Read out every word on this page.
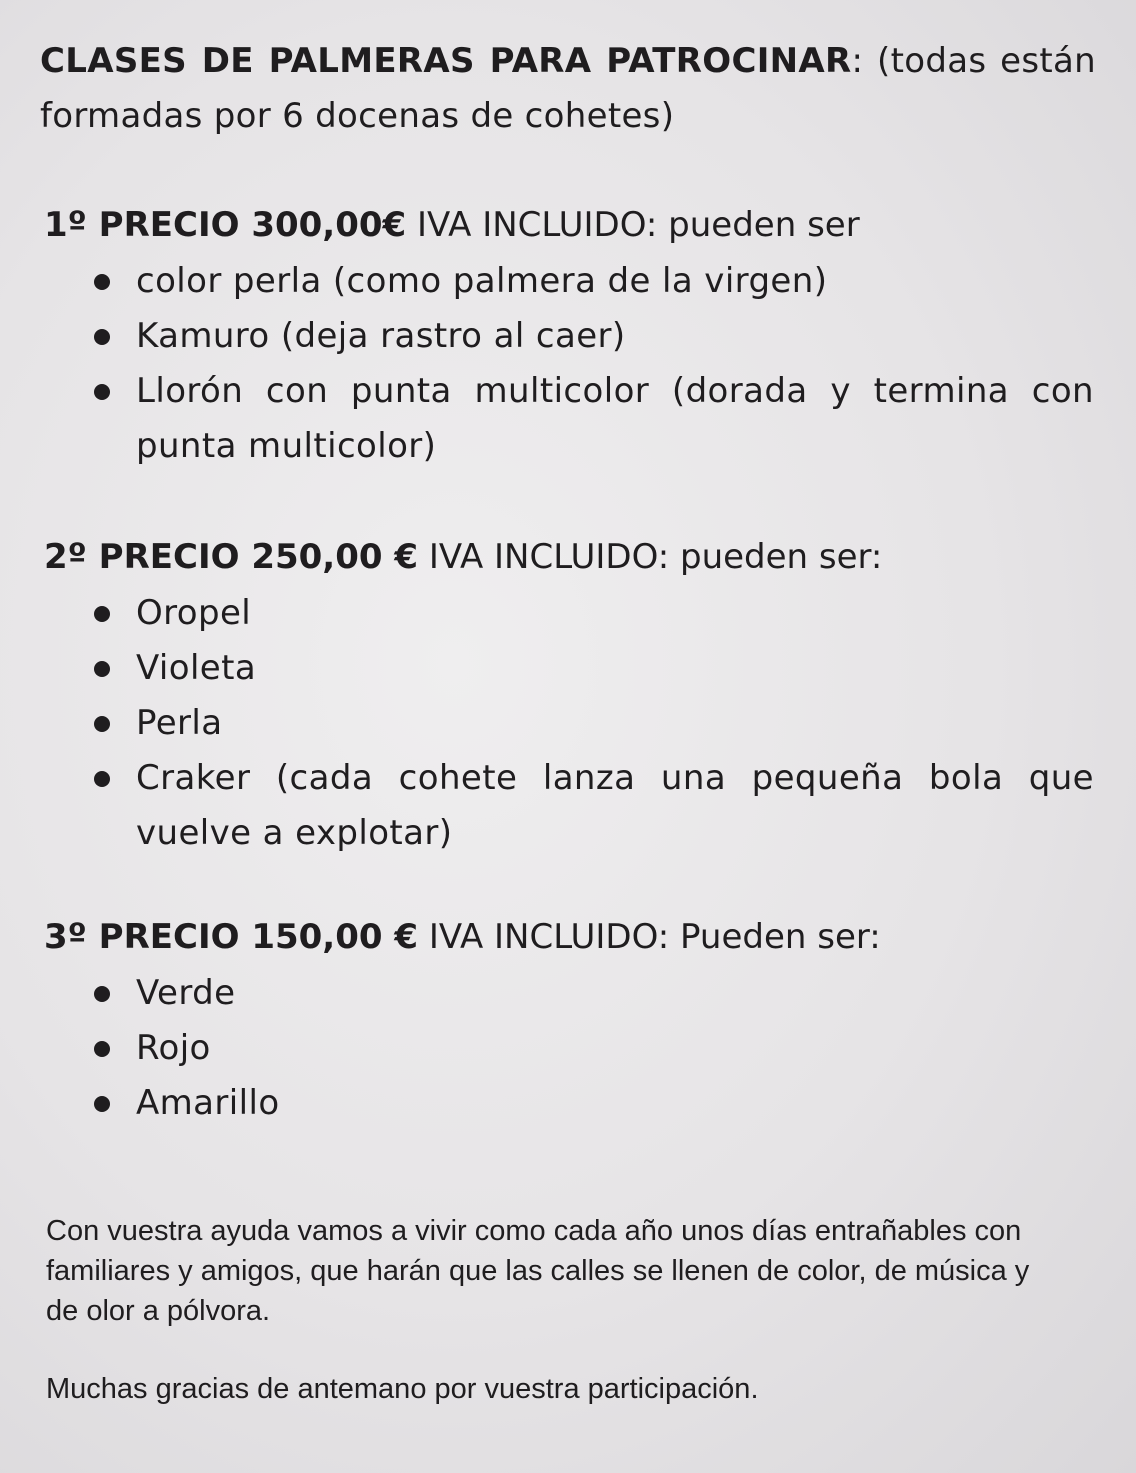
CLASES DE PALMERAS PARA PATROCINAR: (todas están formadas por 6 docenas de cohetes)
1º PRECIO 300,00€ IVA INCLUIDO: pueden ser
color perla (como palmera de la virgen)
Kamuro (deja rastro al caer)
Llorón con punta multicolor (dorada y termina con punta multicolor)
2º PRECIO 250,00 € IVA INCLUIDO: pueden ser:
Oropel
Violeta
Perla
Craker (cada cohete lanza una pequeña bola que vuelve a explotar)
3º PRECIO 150,00 € IVA INCLUIDO: Pueden ser:
Verde
Rojo
Amarillo
Con vuestra ayuda vamos a vivir como cada año unos días entrañables con familiares y amigos, que harán que las calles se llenen de color, de música y de olor a pólvora.
Muchas gracias de antemano por vuestra participación.
